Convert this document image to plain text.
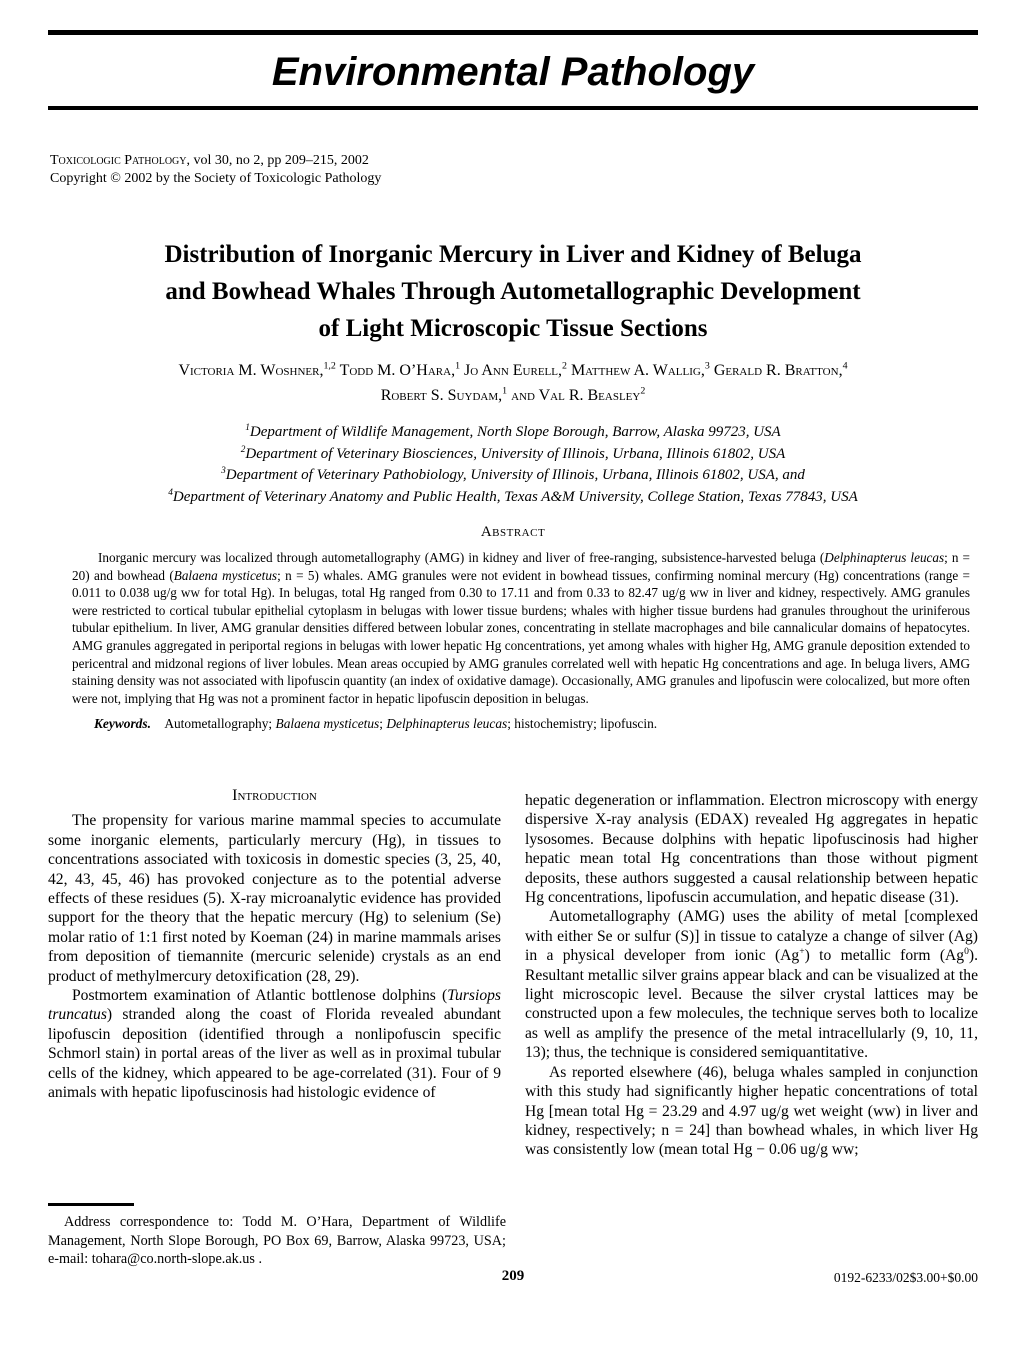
Environmental Pathology
Toxicologic Pathology, vol 30, no 2, pp 209–215, 2002
Copyright © 2002 by the Society of Toxicologic Pathology
Distribution of Inorganic Mercury in Liver and Kidney of Beluga
and Bowhead Whales Through Autometallographic Development
of Light Microscopic Tissue Sections
Victoria M. Woshner,$^{1,2}$ Todd M. O’Hara,$^1$ Jo Ann Eurell,$^2$ Matthew A. Wallig,$^3$ Gerald R. Bratton,$^4$
Robert S. Suydam,$^1$ and Val R. Beasley$^2$
$^1$Department of Wildlife Management, North Slope Borough, Barrow, Alaska 99723, USA
$^2$Department of Veterinary Biosciences, University of Illinois, Urbana, Illinois 61802, USA
$^3$Department of Veterinary Pathobiology, University of Illinois, Urbana, Illinois 61802, USA, and
$^4$Department of Veterinary Anatomy and Public Health, Texas A&M University, College Station, Texas 77843, USA
Abstract

Inorganic mercury was localized through autometallography (AMG) in kidney and liver of free-ranging, subsistence-harvested beluga (Delphinapterus leucas; n = 20) and bowhead (Balaena mysticetus; n = 5) whales. AMG granules were not evident in bowhead tissues, confirming nominal mercury (Hg) concentrations (range = 0.011 to 0.038 ug/g ww for total Hg). In belugas, total Hg ranged from 0.30 to 17.11 and from 0.33 to 82.47 ug/g ww in liver and kidney, respectively. AMG granules were restricted to cortical tubular epithelial cytoplasm in belugas with lower tissue burdens; whales with higher tissue burdens had granules throughout the uriniferous tubular epithelium. In liver, AMG granular densities differed between lobular zones, concentrating in stellate macrophages and bile cannalicular domains of hepatocytes. AMG granules aggregated in periportal regions in belugas with lower hepatic Hg concentrations, yet among whales with higher Hg, AMG granule deposition extended to pericentral and midzonal regions of liver lobules. Mean areas occupied by AMG granules correlated well with hepatic Hg concentrations and age. In beluga livers, AMG staining density was not associated with lipofuscin quantity (an index of oxidative damage). Occasionally, AMG granules and lipofuscin were colocalized, but more often were not, implying that Hg was not a prominent factor in hepatic lipofuscin deposition in belugas.

Keywords. Autometallography; Balaena mysticetus; Delphinapterus leucas; histochemistry; lipofuscin.

Introduction

The propensity for various marine mammal species to accumulate some inorganic elements, particularly mercury (Hg), in tissues to concentrations associated with toxicosis in domestic species (3, 25, 40, 42, 43, 45, 46) has provoked conjecture as to the potential adverse effects of these residues (5). X-ray microanalytic evidence has provided support for the theory that the hepatic mercury (Hg) to selenium (Se) molar ratio of 1:1 first noted by Koeman (24) in marine mammals arises from deposition of tiemannite (mercuric selenide) crystals as an end product of methylmercury detoxification (28, 29).

Postmortem examination of Atlantic bottlenose dolphins (Tursiops truncatus) stranded along the coast of Florida revealed abundant lipofuscin deposition (identified through a nonlipofuscin specific Schmorl stain) in portal areas of the liver as well as in proximal tubular cells of the kidney, which appeared to be age-correlated (31). Four of 9 animals with hepatic lipofuscinosis had histologic evidence of

hepatic degeneration or inflammation. Electron microscopy with energy dispersive X-ray analysis (EDAX) revealed Hg aggregates in hepatic lysosomes. Because dolphins with hepatic lipofuscinosis had higher hepatic mean total Hg concentrations than those without pigment deposits, these authors suggested a causal relationship between hepatic Hg concentrations, lipofuscin accumulation, and hepatic disease (31).

Autometallography (AMG) uses the ability of metal [complexed with either Se or sulfur (S)] in tissue to catalyze a change of silver (Ag) in a physical developer from ionic (Ag+) to metallic form (Ag$^0$). Resultant metallic silver grains appear black and can be visualized at the light microscopic level. Because the silver crystal lattices may be constructed upon a few molecules, the technique serves both to localize as well as amplify the presence of the metal intracellularly (9, 10, 11, 13); thus, the technique is considered semiquantitative.

As reported elsewhere (46), beluga whales sampled in conjunction with this study had significantly higher hepatic concentrations of total Hg [mean total Hg = 23.29 and 4.97 ug/g wet weight (ww) in liver and kidney, respectively; n = 24] than bowhead whales, in which liver Hg was consistently low (mean total Hg − 0.06 ug/g ww;

Address correspondence to: Todd M. O’Hara, Department of Wildlife Management, North Slope Borough, PO Box 69, Barrow, Alaska 99723, USA; e-mail: tohara@co.north-slope.ak.us .

209	0192-6233/02$3.00+$0.00
